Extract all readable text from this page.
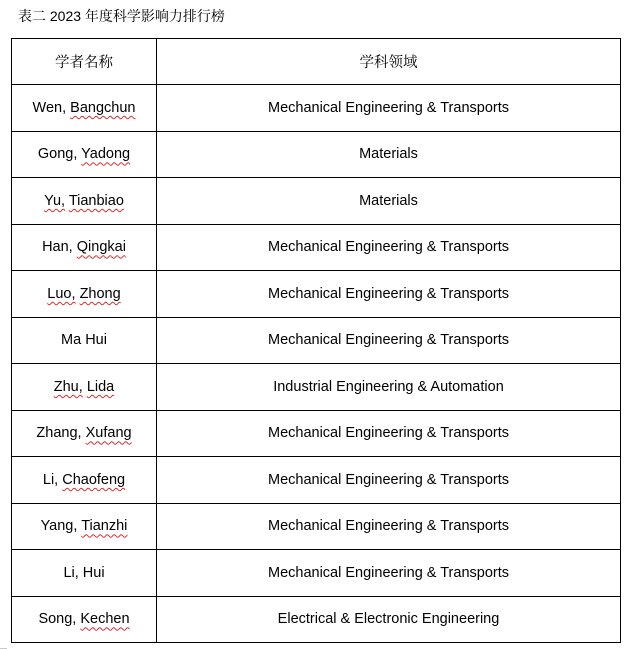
表二 2023 年度科学影响力排行榜
学者名称	学科领域
Wen, Bangchun	Mechanical Engineering & Transports
Gong, Yadong	Materials
Yu, Tianbiao	Materials
Han, Qingkai	Mechanical Engineering & Transports
Luo, Zhong	Mechanical Engineering & Transports
Ma Hui	Mechanical Engineering & Transports
Zhu, Lida	Industrial Engineering & Automation
Zhang, Xufang	Mechanical Engineering & Transports
Li, Chaofeng	Mechanical Engineering & Transports
Yang, Tianzhi	Mechanical Engineering & Transports
Li, Hui	Mechanical Engineering & Transports
Song, Kechen	Electrical & Electronic Engineering
